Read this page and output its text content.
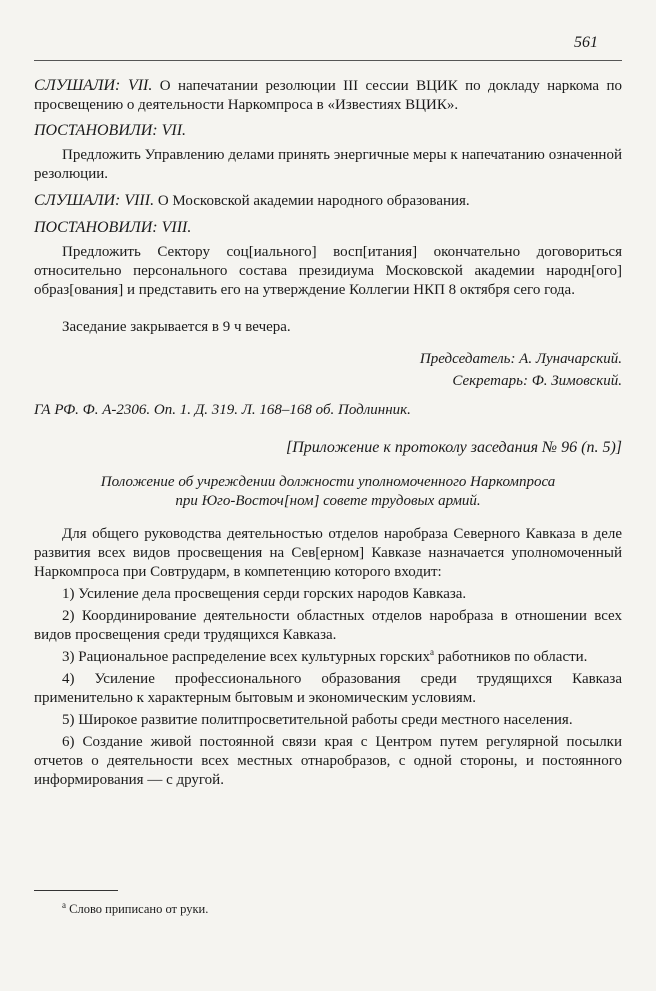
561

СЛУШАЛИ: VII. О напечатании резолюции III сессии ВЦИК по докладу наркома по просвещению о деятельности Наркомпроса в «Известиях ВЦИК».

ПОСТАНОВИЛИ: VII.

Предложить Управлению делами принять энергичные меры к напечатанию означенной резолюции.

СЛУШАЛИ: VIII. О Московской академии народного образования.

ПОСТАНОВИЛИ: VIII.

Предложить Сектору соц[иального] восп[итания] окончательно договориться относительно персонального состава президиума Московской академии народн[ого] образ[ования] и представить его на утверждение Коллегии НКП 8 октября сего года.

Заседание закрывается в 9 ч вечера.

Председатель: А. Луначарский.

Секретарь: Ф. Зимовский.

ГА РФ. Ф. А-2306. Оп. 1. Д. 319. Л. 168–168 об. Подлинник.

[Приложение к протоколу заседания № 96 (п. 5)]

Положение об учреждении должности уполномоченного Наркомпроса

при Юго-Восточ[ном] совете трудовых армий.

Для общего руководства деятельностью отделов наробраза Северного Кавказа в деле развития всех видов просвещения на Сев[ерном] Кавказе назначается уполномоченный Наркомпроса при Совтрударм, в компетенцию которого входит:

1) Усиление дела просвещения серди горских народов Кавказа.

2) Координирование деятельности областных отделов наробраза в отношении всех видов просвещения среди трудящихся Кавказа.

3) Рациональное распределение всех культурных горских$^а$ работников по области.

4) Усиление профессионального образования среди трудящихся Кавказа применительно к характерным бытовым и экономическим условиям.

5) Широкое развитие политпросветительной работы среди местного населения.

6) Создание живой постоянной связи края с Центром путем регулярной посылки отчетов о деятельности всех местных отнаробразов, с одной стороны, и постоянного информирования — с другой.

$^а$ Слово приписано от руки.
